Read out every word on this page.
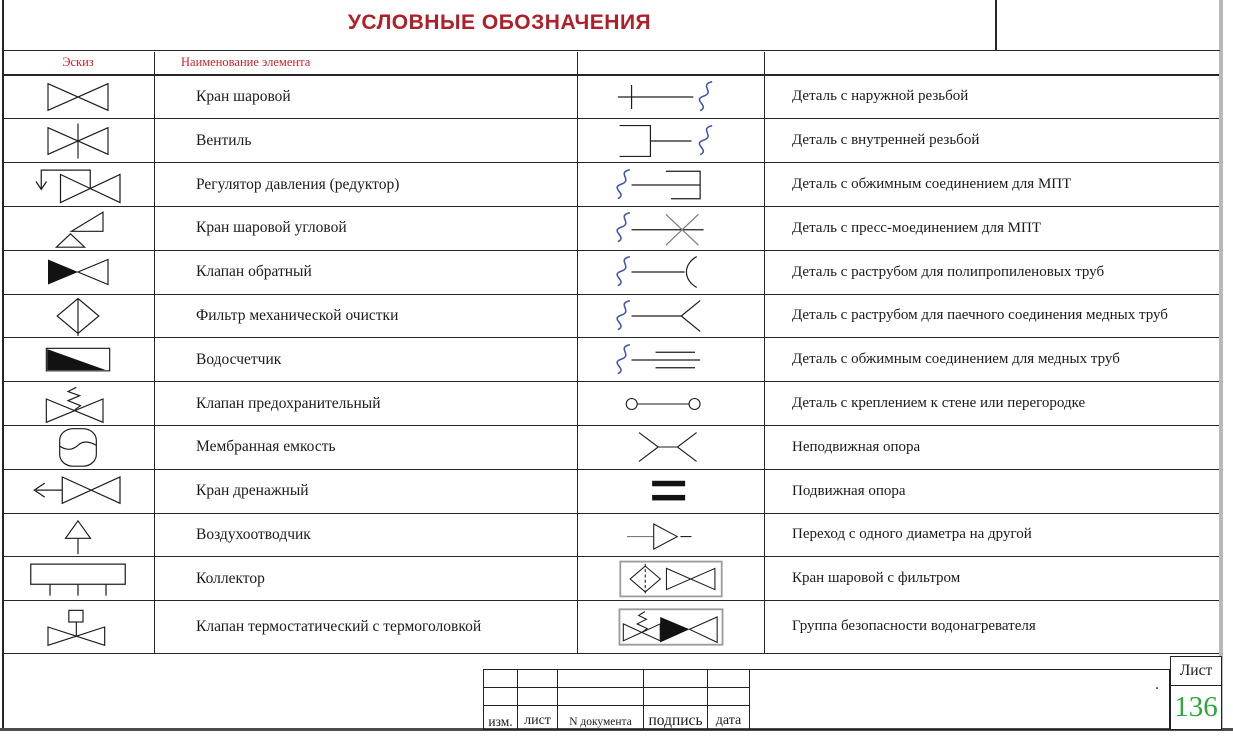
УСЛОВНЫЕ ОБОЗНАЧЕНИЯ
Эскиз	Наименование элемента
Кран шаровой	Деталь с наружной резьбой
Вентиль	Деталь с внутренней резьбой
Регулятор давления (редуктор)	Деталь с обжимным соединением для МПТ
Кран шаровой угловой	Деталь с пресс-моединением для МПТ
Клапан обратный	Деталь с раструбом для полипропиленовых труб
Фильтр механической очистки	Деталь с раструбом для паечного соединения медных труб
Водосчетчик	Деталь с обжимным соединением для медных труб
Клапан предохранительный	Деталь с креплением к стене или перегородке
Мембранная емкость	Неподвижная опора
Кран дренажный	Подвижная опора
Воздухоотводчик	Переход с одного диаметра на другой
Коллектор	Кран шаровой с фильтром
Клапан термостатический с термоголовкой	Группа безопасности водонагревателя
изм. лист	N документа	подпись дата
.
Лист
136
